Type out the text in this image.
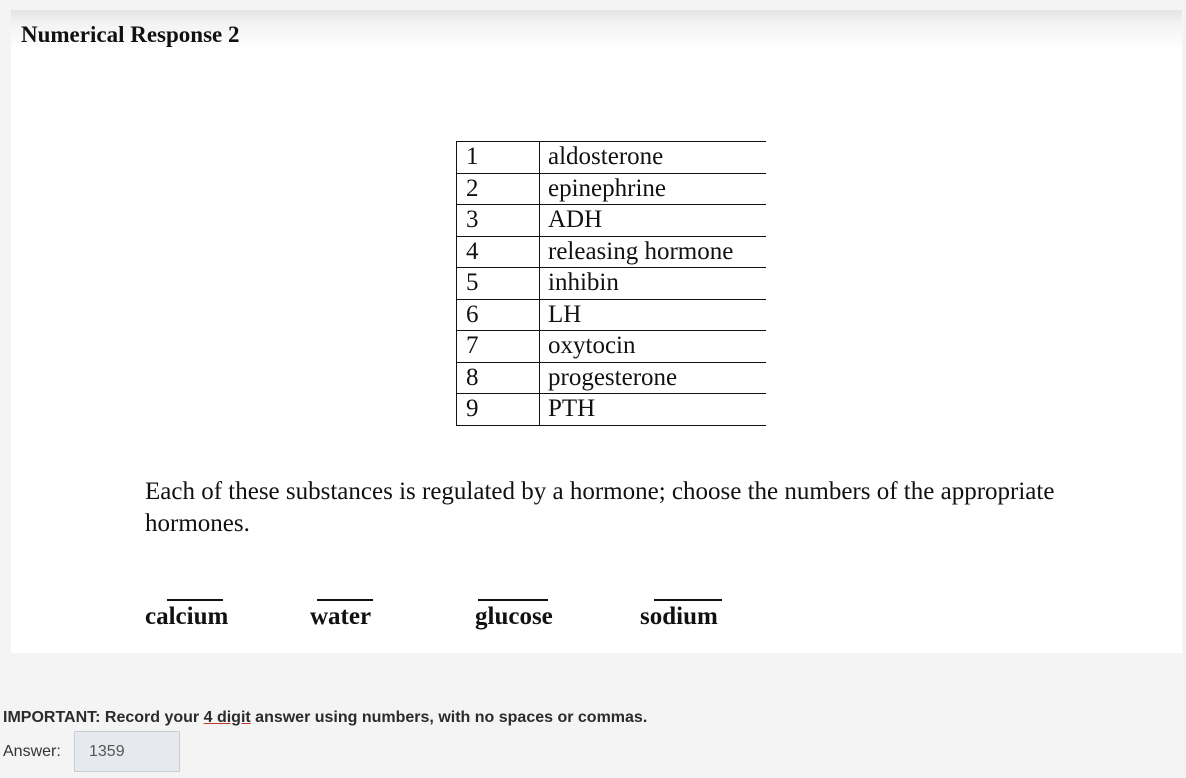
Numerical Response 2
1	aldosterone
2	epinephrine
3	ADH
4	releasing hormone
5	inhibin
6	LH
7	oxytocin
8	progesterone
9	PTH
Each of these substances is regulated by a hormone; choose the numbers of the appropriate hormones.
calcium	water	glucose	sodium
IMPORTANT: Record your 4 digit answer using numbers, with no spaces or commas.
Answer:
1359
